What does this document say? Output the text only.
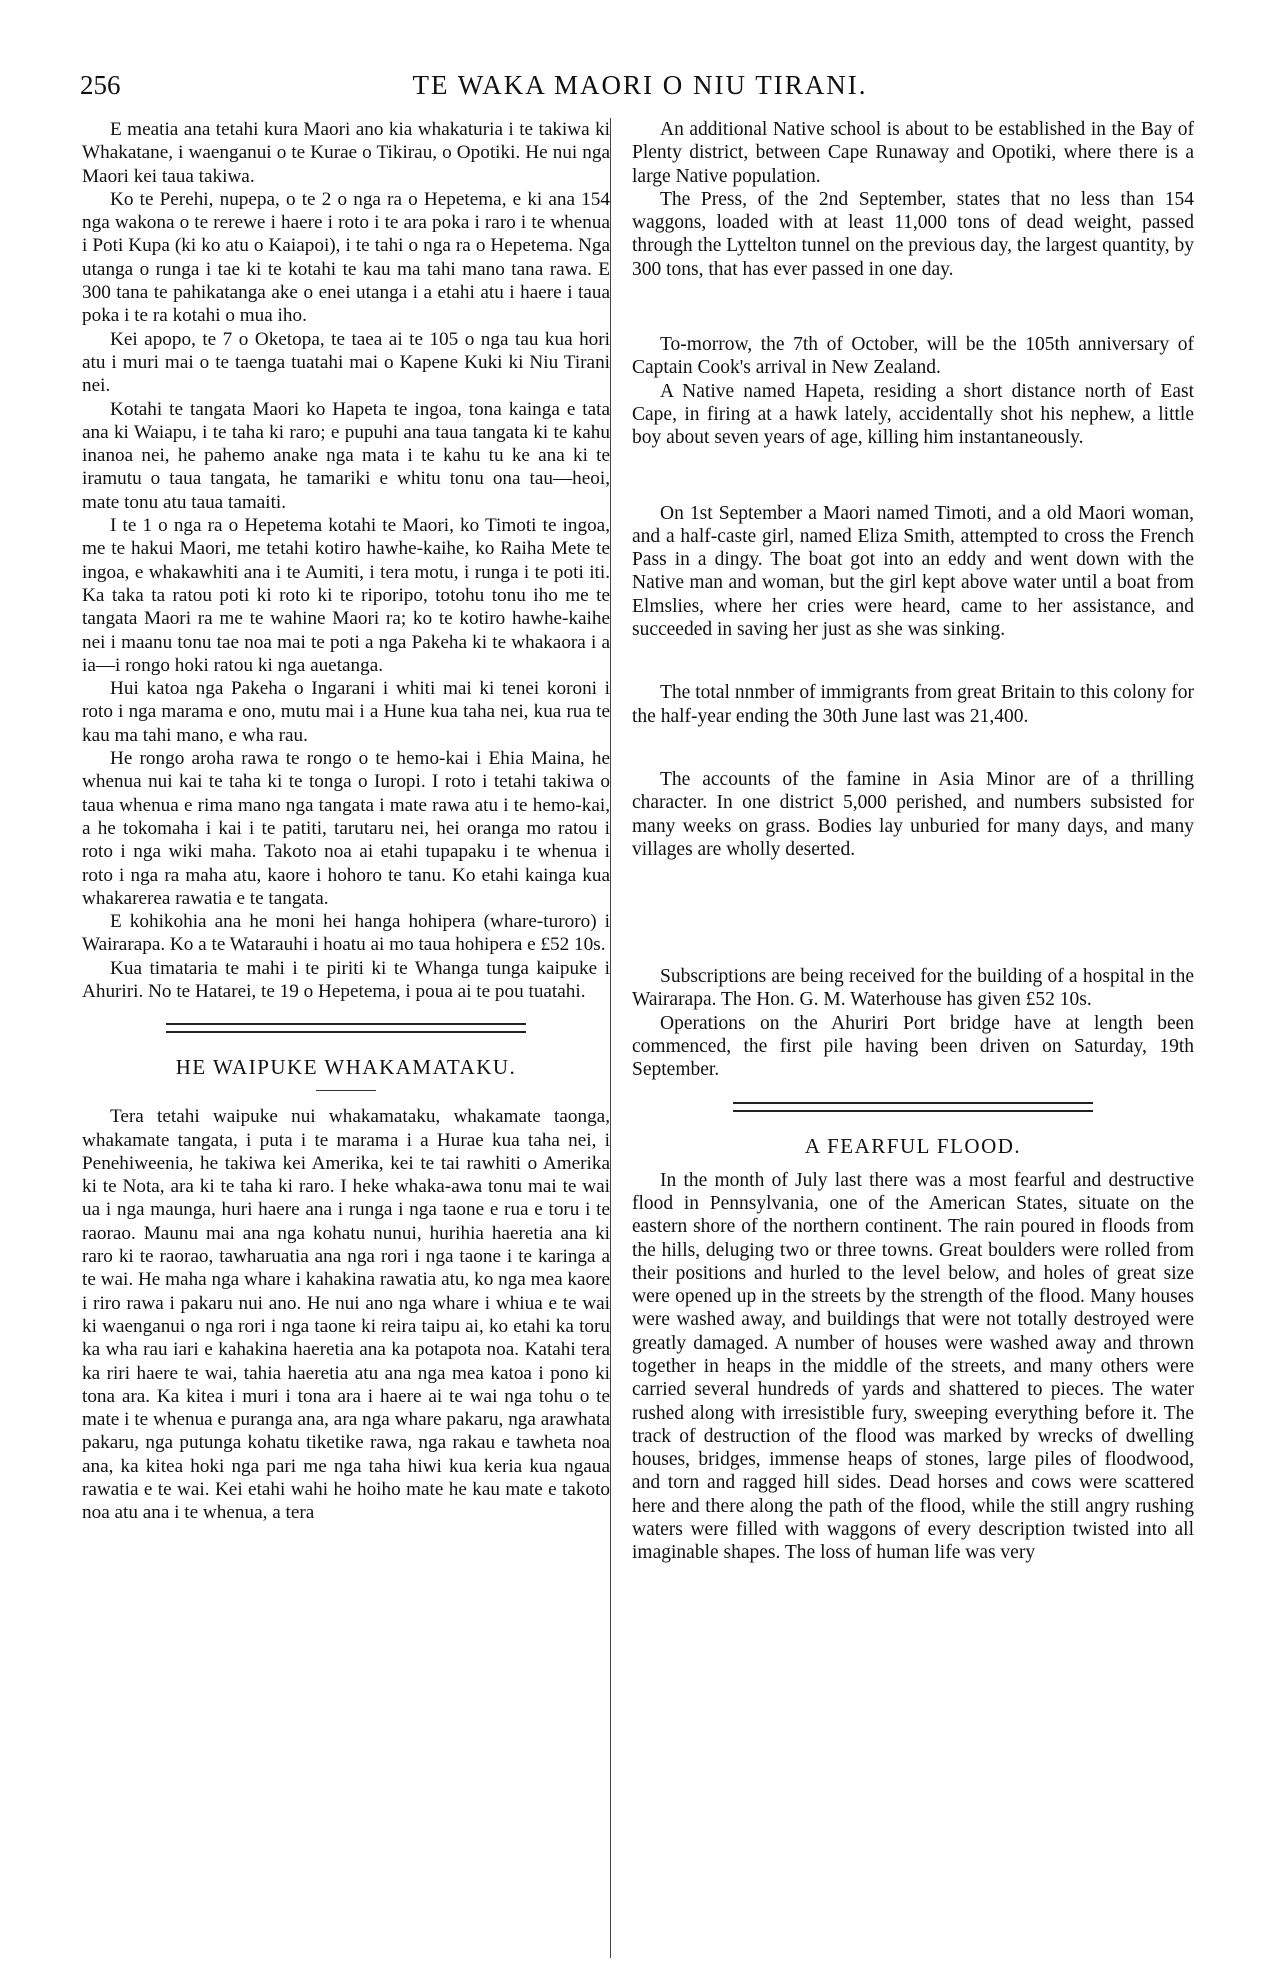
256	TE WAKA MAORI O NIU TIRANI.

E meatia ana tetahi kura Maori ano kia whakaturia i te takiwa ki Whakatane, i waenganui o te Kurae o Tikirau, o Opotiki. He nui nga Maori kei taua takiwa.

Ko te Perehi, nupepa, o te 2 o nga ra o Hepetema, e ki ana 154 nga wakona o te rerewe i haere i roto i te ara poka i raro i te whenua i Poti Kupa (ki ko atu o Kaiapoi), i te tahi o nga ra o Hepetema. Nga utanga o runga i tae ki te kotahi te kau ma tahi mano tana rawa. E 300 tana te pahikatanga ake o enei utanga i a etahi atu i haere i taua poka i te ra kotahi o mua iho.

Kei apopo, te 7 o Oketopa, te taea ai te 105 o nga tau kua hori atu i muri mai o te taenga tuatahi mai o Kapene Kuki ki Niu Tirani nei.

Kotahi te tangata Maori ko Hapeta te ingoa, tona kainga e tata ana ki Waiapu, i te taha ki raro; e pupuhi ana taua tangata ki te kahu inanoa nei, he pahemo anake nga mata i te kahu tu ke ana ki te iramutu o taua tangata, he tamariki e whitu tonu ona tau—heoi, mate tonu atu taua tamaiti.

I te 1 o nga ra o Hepetema kotahi te Maori, ko Timoti te ingoa, me te hakui Maori, me tetahi kotiro hawhe-kaihe, ko Raiha Mete te ingoa, e whakawhiti ana i te Aumiti, i tera motu, i runga i te poti iti. Ka taka ta ratou poti ki roto ki te riporipo, totohu tonu iho me te tangata Maori ra me te wahine Maori ra; ko te kotiro hawhe-kaihe nei i maanu tonu tae noa mai te poti a nga Pakeha ki te whakaora i a ia—i rongo hoki ratou ki nga auetanga.

Hui katoa nga Pakeha o Ingarani i whiti mai ki tenei koroni i roto i nga marama e ono, mutu mai i a Hune kua taha nei, kua rua te kau ma tahi mano, e wha rau.

He rongo aroha rawa te rongo o te hemo-kai i Ehia Maina, he whenua nui kai te taha ki te tonga o Iuropi. I roto i tetahi takiwa o taua whenua e rima mano nga tangata i mate rawa atu i te hemo-kai, a he tokomaha i kai i te patiti, tarutaru nei, hei oranga mo ratou i roto i nga wiki maha. Takoto noa ai etahi tupapaku i te whenua i roto i nga ra maha atu, kaore i hohoro te tanu. Ko etahi kainga kua whakarerea rawatia e te tangata.

E kohikohia ana he moni hei hanga hohipera (whare-turoro) i Wairarapa. Ko a te Watarauhi i hoatu ai mo taua hohipera e £52 10s.

Kua timataria te mahi i te piriti ki te Whanga tunga kaipuke i Ahuriri. No te Hatarei, te 19 o Hepetema, i poua ai te pou tuatahi.

HE WAIPUKE WHAKAMATAKU.

Tera tetahi waipuke nui whakamataku, whakamate taonga, whakamate tangata, i puta i te marama i a Hurae kua taha nei, i Penehiweenia, he takiwa kei Amerika, kei te tai rawhiti o Amerika ki te Nota, ara ki te taha ki raro. I heke whaka-awa tonu mai te wai ua i nga maunga, huri haere ana i runga i nga taone e rua e toru i te raorao. Maunu mai ana nga kohatu nunui, hurihia haeretia ana ki raro ki te raorao, tawharuatia ana nga rori i nga taone i te karinga a te wai. He maha nga whare i kahakina rawatia atu, ko nga mea kaore i riro rawa i pakaru nui ano. He nui ano nga whare i whiua e te wai ki waenganui o nga rori i nga taone ki reira taipu ai, ko etahi ka toru ka wha rau iari e kahakina haeretia ana ka potapota noa. Katahi tera ka riri haere te wai, tahia haeretia atu ana nga mea katoa i pono ki tona ara. Ka kitea i muri i tona ara i haere ai te wai nga tohu o te mate i te whenua e puranga ana, ara nga whare pakaru, nga arawhata pakaru, nga putunga kohatu tiketike rawa, nga rakau e tawheta noa ana, ka kitea hoki nga pari me nga taha hiwi kua keria kua ngaua rawatia e te wai. Kei etahi wahi he hoiho mate he kau mate e takoto noa atu ana i te whenua, a tera

An additional Native school is about to be established in the Bay of Plenty district, between Cape Runaway and Opotiki, where there is a large Native population.

The Press, of the 2nd September, states that no less than 154 waggons, loaded with at least 11,000 tons of dead weight, passed through the Lyttelton tunnel on the previous day, the largest quantity, by 300 tons, that has ever passed in one day.

To-morrow, the 7th of October, will be the 105th anniversary of Captain Cook's arrival in New Zealand.

A Native named Hapeta, residing a short distance north of East Cape, in firing at a hawk lately, accidentally shot his nephew, a little boy about seven years of age, killing him instantaneously.

On 1st September a Maori named Timoti, and a old Maori woman, and a half-caste girl, named Eliza Smith, attempted to cross the French Pass in a dingy. The boat got into an eddy and went down with the Native man and woman, but the girl kept above water until a boat from Elmslies, where her cries were heard, came to her assistance, and succeeded in saving her just as she was sinking.

The total nnmber of immigrants from great Britain to this colony for the half-year ending the 30th June last was 21,400.

The accounts of the famine in Asia Minor are of a thrilling character. In one district 5,000 perished, and numbers subsisted for many weeks on grass. Bodies lay unburied for many days, and many villages are wholly deserted.

Subscriptions are being received for the building of a hospital in the Wairarapa. The Hon. G. M. Waterhouse has given £52 10s.

Operations on the Ahuriri Port bridge have at length been commenced, the first pile having been driven on Saturday, 19th September.

A FEARFUL FLOOD.

In the month of July last there was a most fearful and destructive flood in Pennsylvania, one of the American States, situate on the eastern shore of the northern continent. The rain poured in floods from the hills, deluging two or three towns. Great boulders were rolled from their positions and hurled to the level below, and holes of great size were opened up in the streets by the strength of the flood. Many houses were washed away, and buildings that were not totally destroyed were greatly damaged. A number of houses were washed away and thrown together in heaps in the middle of the streets, and many others were carried several hundreds of yards and shattered to pieces. The water rushed along with irresistible fury, sweeping everything before it. The track of destruction of the flood was marked by wrecks of dwelling houses, bridges, immense heaps of stones, large piles of floodwood, and torn and ragged hill sides. Dead horses and cows were scattered here and there along the path of the flood, while the still angry rushing waters were filled with waggons of every description twisted into all imaginable shapes. The loss of human life was very
